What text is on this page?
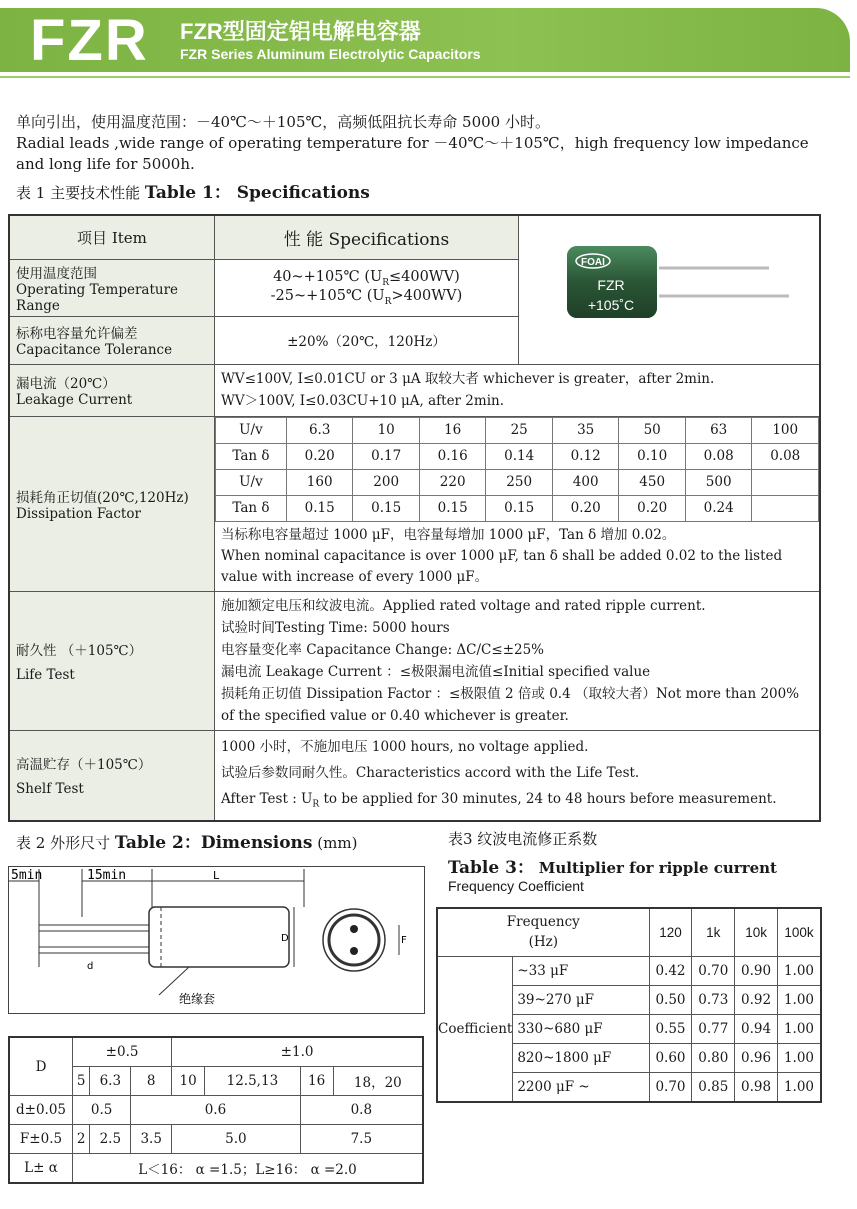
FZR FZR型固定铝电解电容器
FZR Series Aluminum Electrolytic Capacitors
单向引出，使用温度范围：－40℃～＋105℃，高频低阻抗长寿命 5000 小时。
Radial leads ,wide range of operating temperature for －40℃～＋105℃，high frequency low impedance and long life for 5000h.
表 1 主要技术性能 Table 1： Specifications
项目 Item	性 能 Specifications	
FOAI
FZR
+105˚C

使用温度范围
Operating Temperature Range

40~+105℃ $(U_R\le 400WV)$
-25~+105℃ $(U_R>400WV)$

标称电容量允许偏差
Capacitance Tolerance	±20%（20℃，120Hz）

漏电流（20℃）
Leakage Current

WV≤100V, I≤0.01CU or 3 μA 取较大者 whichever is greater，after 2min.
WV＞100V, I≤0.03CU+10 μA, after 2min.

损耗角正切值(20℃,120Hz)
Dissipation Factor

U/v	6.3	10	16	25	35	50	63	100
Tan δ	0.20	0.17	0.16	0.14	0.12	0.10	0.08	0.08
U/v	160	200	220	250	400	450	500	
Tan δ	0.15	0.15	0.15	0.15	0.20	0.20	0.24	
当标称电容量超过 1000 μF，电容量每增加 1000 μF，Tan δ 增加 0.02。
When nominal capacitance is over 1000 μF, tan δ shall be added 0.02 to the listed value with increase of every 1000 μF。

耐久性 （＋105℃）
Life Test

施加额定电压和纹波电流。Applied rated voltage and rated ripple current.
试验时间Testing Time: 5000 hours
电容量变化率 Capacitance Change: ΔC/C≤±25%
漏电流 Leakage Current ：≤极限漏电流值≤Initial specified value
损耗角正切值 Dissipation Factor ：≤极限值 2 倍或 0.4 （取较大者）Not more than 200% of the specified value or 0.40 whichever is greater.

高温贮存（＋105℃）
Shelf Test

1000 小时，不施加电压 1000 hours, no voltage applied.
试验后参数同耐久性。Characteristics accord with the Life Test.
After Test : $U_R$ to be applied for 30 minutes, 24 to 48 hours before measurement.
表 2 外形尺寸 Table 2：Dimensions (mm)
5min	15min	L
D
d
绝缘套
F
D	±0.5			±1.0			
	5	6.3	8	10	12.5,13	16	18，20
d±0.05	0.5		0.6			0.8	
F±0.5	2	2.5	3.5	5.0		7.5	
L± α	L＜16： α =1.5；L≥16： α =2.0						
表3 纹波电流修正系数
Table 3： Multiplier for ripple current
Frequency Coefficient
Frequency
(Hz)		120	1k	10k	100k
Coefficient	~33 μF	0.42	0.70	0.90	1.00
	39~270 μF	0.50	0.73	0.92	1.00
	330~680 μF	0.55	0.77	0.94	1.00
	820~1800 μF	0.60	0.80	0.96	1.00
	2200 μF ~	0.70	0.85	0.98	1.00
